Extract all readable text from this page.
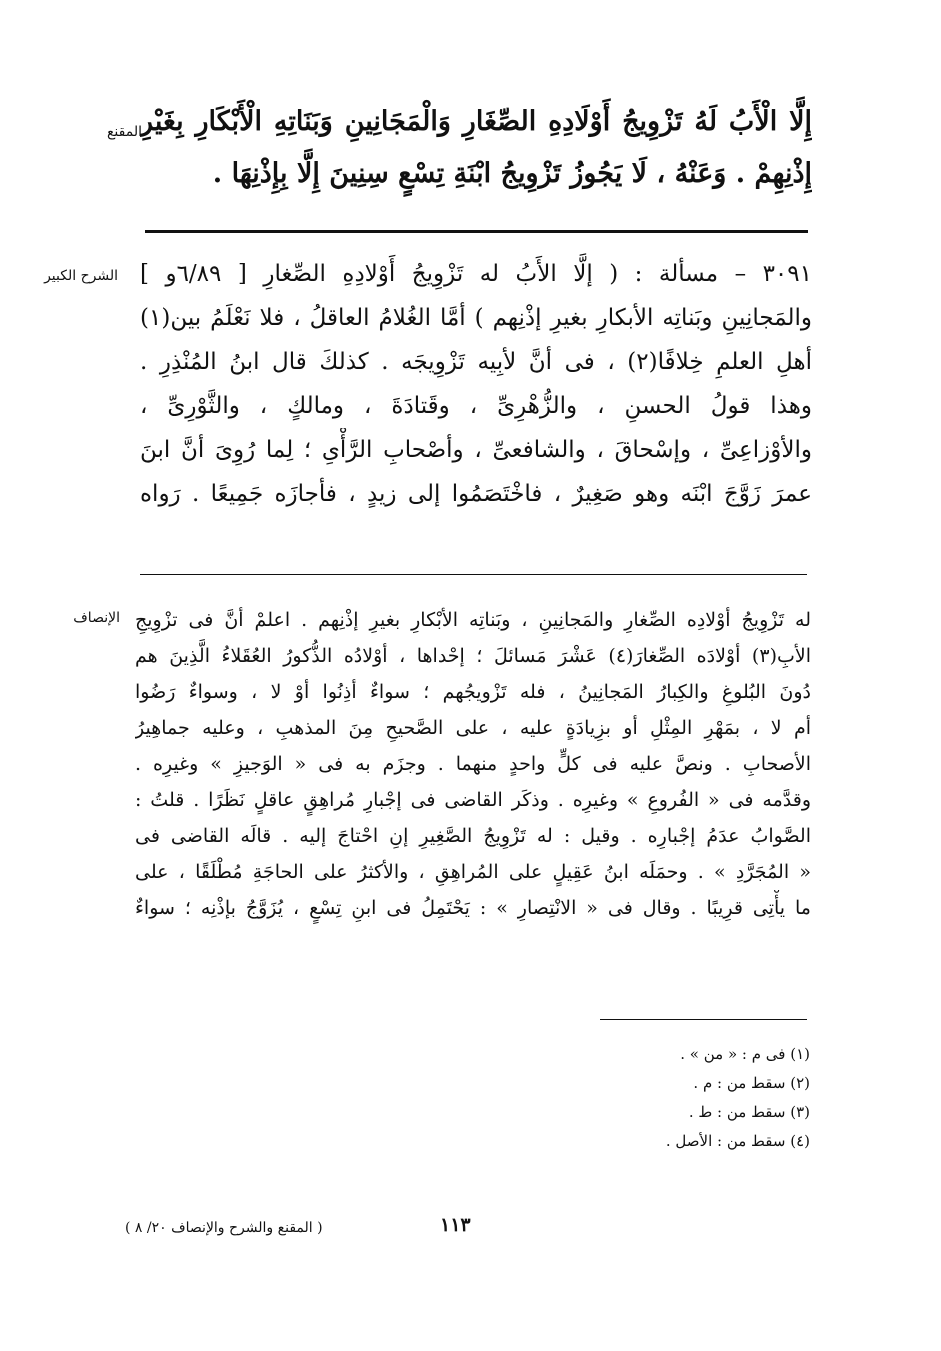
المقنع
إِلَّا الْأَبُ لَهُ تَزْوِيجُ أَوْلَادِهِ الصِّغَارِ وَالْمَجَانِينِ وَبَنَاتِهِ الْأَبْكَارِ بِغَيْرِ
إِذْنِهِمْ . وَعَنْهُ ، لَا يَجُوزُ تَزْوِيجُ ابْنَةِ تِسْعٍ سِنِينَ إِلَّا بِإِذْنِهَا .
الشرح الكبير ٣٠٩١ – مسألة : ( إلَّا الأَبُ له تَزْوِيجُ أَوْلادِهِ الصِّغارِ [ ٦/٨٩و ]
والمَجانِينِ وبَناتِه الأبكارِ بغيرِ إذْنِهم ) أمَّا الغُلامُ العاقلُ ، فلا نَعْلَمُ بين(١)
أهلِ العلمِ خِلافًا(٢) ، فى أنَّ لأبِيه تَزْوِيجَه . كذلكَ قال ابنُ المُنْذِرِ .
وهذا قولُ الحسنِ ، والزُّهْرِىِّ ، وقَتادَةَ ، ومالكٍ ، والثَّوْرِىِّ ،
والأوْزاعِىِّ ، وإسْحاقَ ، والشافعىِّ ، وأصْحابِ الرَّأْىِ ؛ لِما رُوِىَ أنَّ ابنَ
عمرَ زَوَّجَ ابْنَه وهو صَغِيرٌ ، فاخْتَصَمُوا إلى زيدٍ ، فأجازَه جَمِيعًا . رَواه
الإنصاف له تَزْوِيجُ أوْلادِه الصِّغارِ والمَجانِينِ ، وبَناتِه الأبْكارِ بغيرِ إذْنِهم . اعلمْ أنَّ فى تزْوِيجِ
الأبِ(٣) أوْلادَه الصِّغارَ(٤) عَشْرَ مَسائلَ ؛ إحْداها ، أوْلادُه الذُّكورُ العُقَلاءُ الَّذِينَ هم
دُونَ البُلوغِ والكِبارُ المَجانِينُ ، فله تَزْويجُهم ؛ سواءٌ أذِنُوا أوْ لا ، وسواءٌ رَضُوا
أم لا ، بمَهْرِ المِثْلِ أو بزِيادَةٍ عليه ، على الصَّحيحِ مِنَ المذهبِ ، وعليه جماهِيرُ
الأصحابِ . ونصَّ عليه فى كلٍّ واحدٍ منهما . وجزَم به فى « الوَجيزِ » وغيرِه .
وقدَّمه فى « الفُروعِ » وغيرِه . وذكَر القاضى فى إجْبارِ مُراهِقٍ عاقلٍ نَظَرًا . قلتُ :
الصَّوابُ عدَمُ إجْبارِه . وقيل : له تَزْوِيجُ الصَّغِيرِ إنِ احْتاجَ إليه . قالَه القاضى فى
« المُجَرَّدِ » . وحمَلَه ابنُ عَقِيلٍ على المُراهِقِ ، والأكثرُ على الحاجَةِ مُطْلَقًا ، على
ما يأْتِى قرِيبًا . وقال فى « الانْتِصارِ » : يَحْتَمِلُ فى ابنِ تِسْعٍ ، يُزَوَّجُ بإذْنِه ؛ سواءٌ
(١) فى م : « من » .
(٢) سقط من : م .
(٣) سقط من : ط .
(٤) سقط من : الأصل .
( المقنع والشرح والإنصاف ٢٠/ ٨ )	١١٣
